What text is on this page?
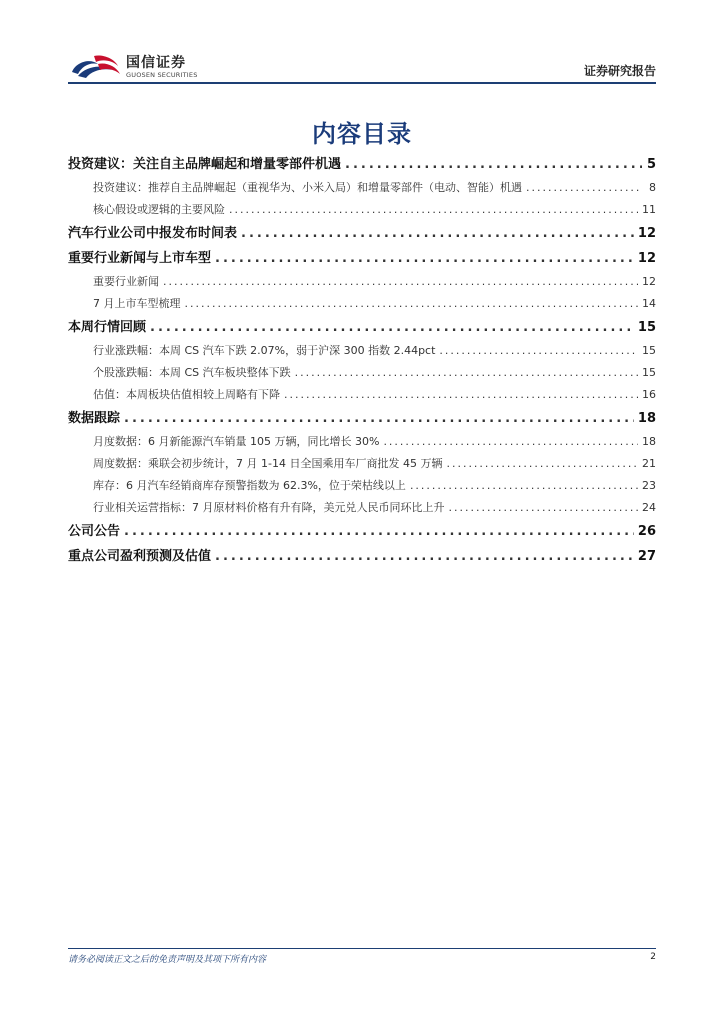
国信证券
GUOSEN SECURITIES	证券研究报告
内容目录
投资建议：关注自主品牌崛起和增量零部件机遇 .....	5
投资建议：推荐自主品牌崛起（重视华为、小米入局）和增量零部件（电动、智能）机遇 .....	8
核心假设或逻辑的主要风险 .....	11
汽车行业公司中报发布时间表 .....	12
重要行业新闻与上市车型 .....	12
重要行业新闻 .....	12
7 月上市车型梳理 .....	14
本周行情回顾 .....	15
行业涨跌幅：本周 CS 汽车下跌 2.07%，弱于沪深 300 指数 2.44pct .....	15
个股涨跌幅：本周 CS 汽车板块整体下跌 .....	15
估值：本周板块估值相较上周略有下降 .....	16
数据跟踪 .....	18
月度数据：6 月新能源汽车销量 105 万辆，同比增长 30% .....	18
周度数据：乘联会初步统计，7 月 1-14 日全国乘用车厂商批发 45 万辆 .....	21
库存：6 月汽车经销商库存预警指数为 62.3%，位于荣枯线以上 .....	23
行业相关运营指标：7 月原材料价格有升有降，美元兑人民币同环比上升 .....	24
公司公告 .....	26
重点公司盈利预测及估值 .....	27
请务必阅读正文之后的免责声明及其项下所有内容	2
